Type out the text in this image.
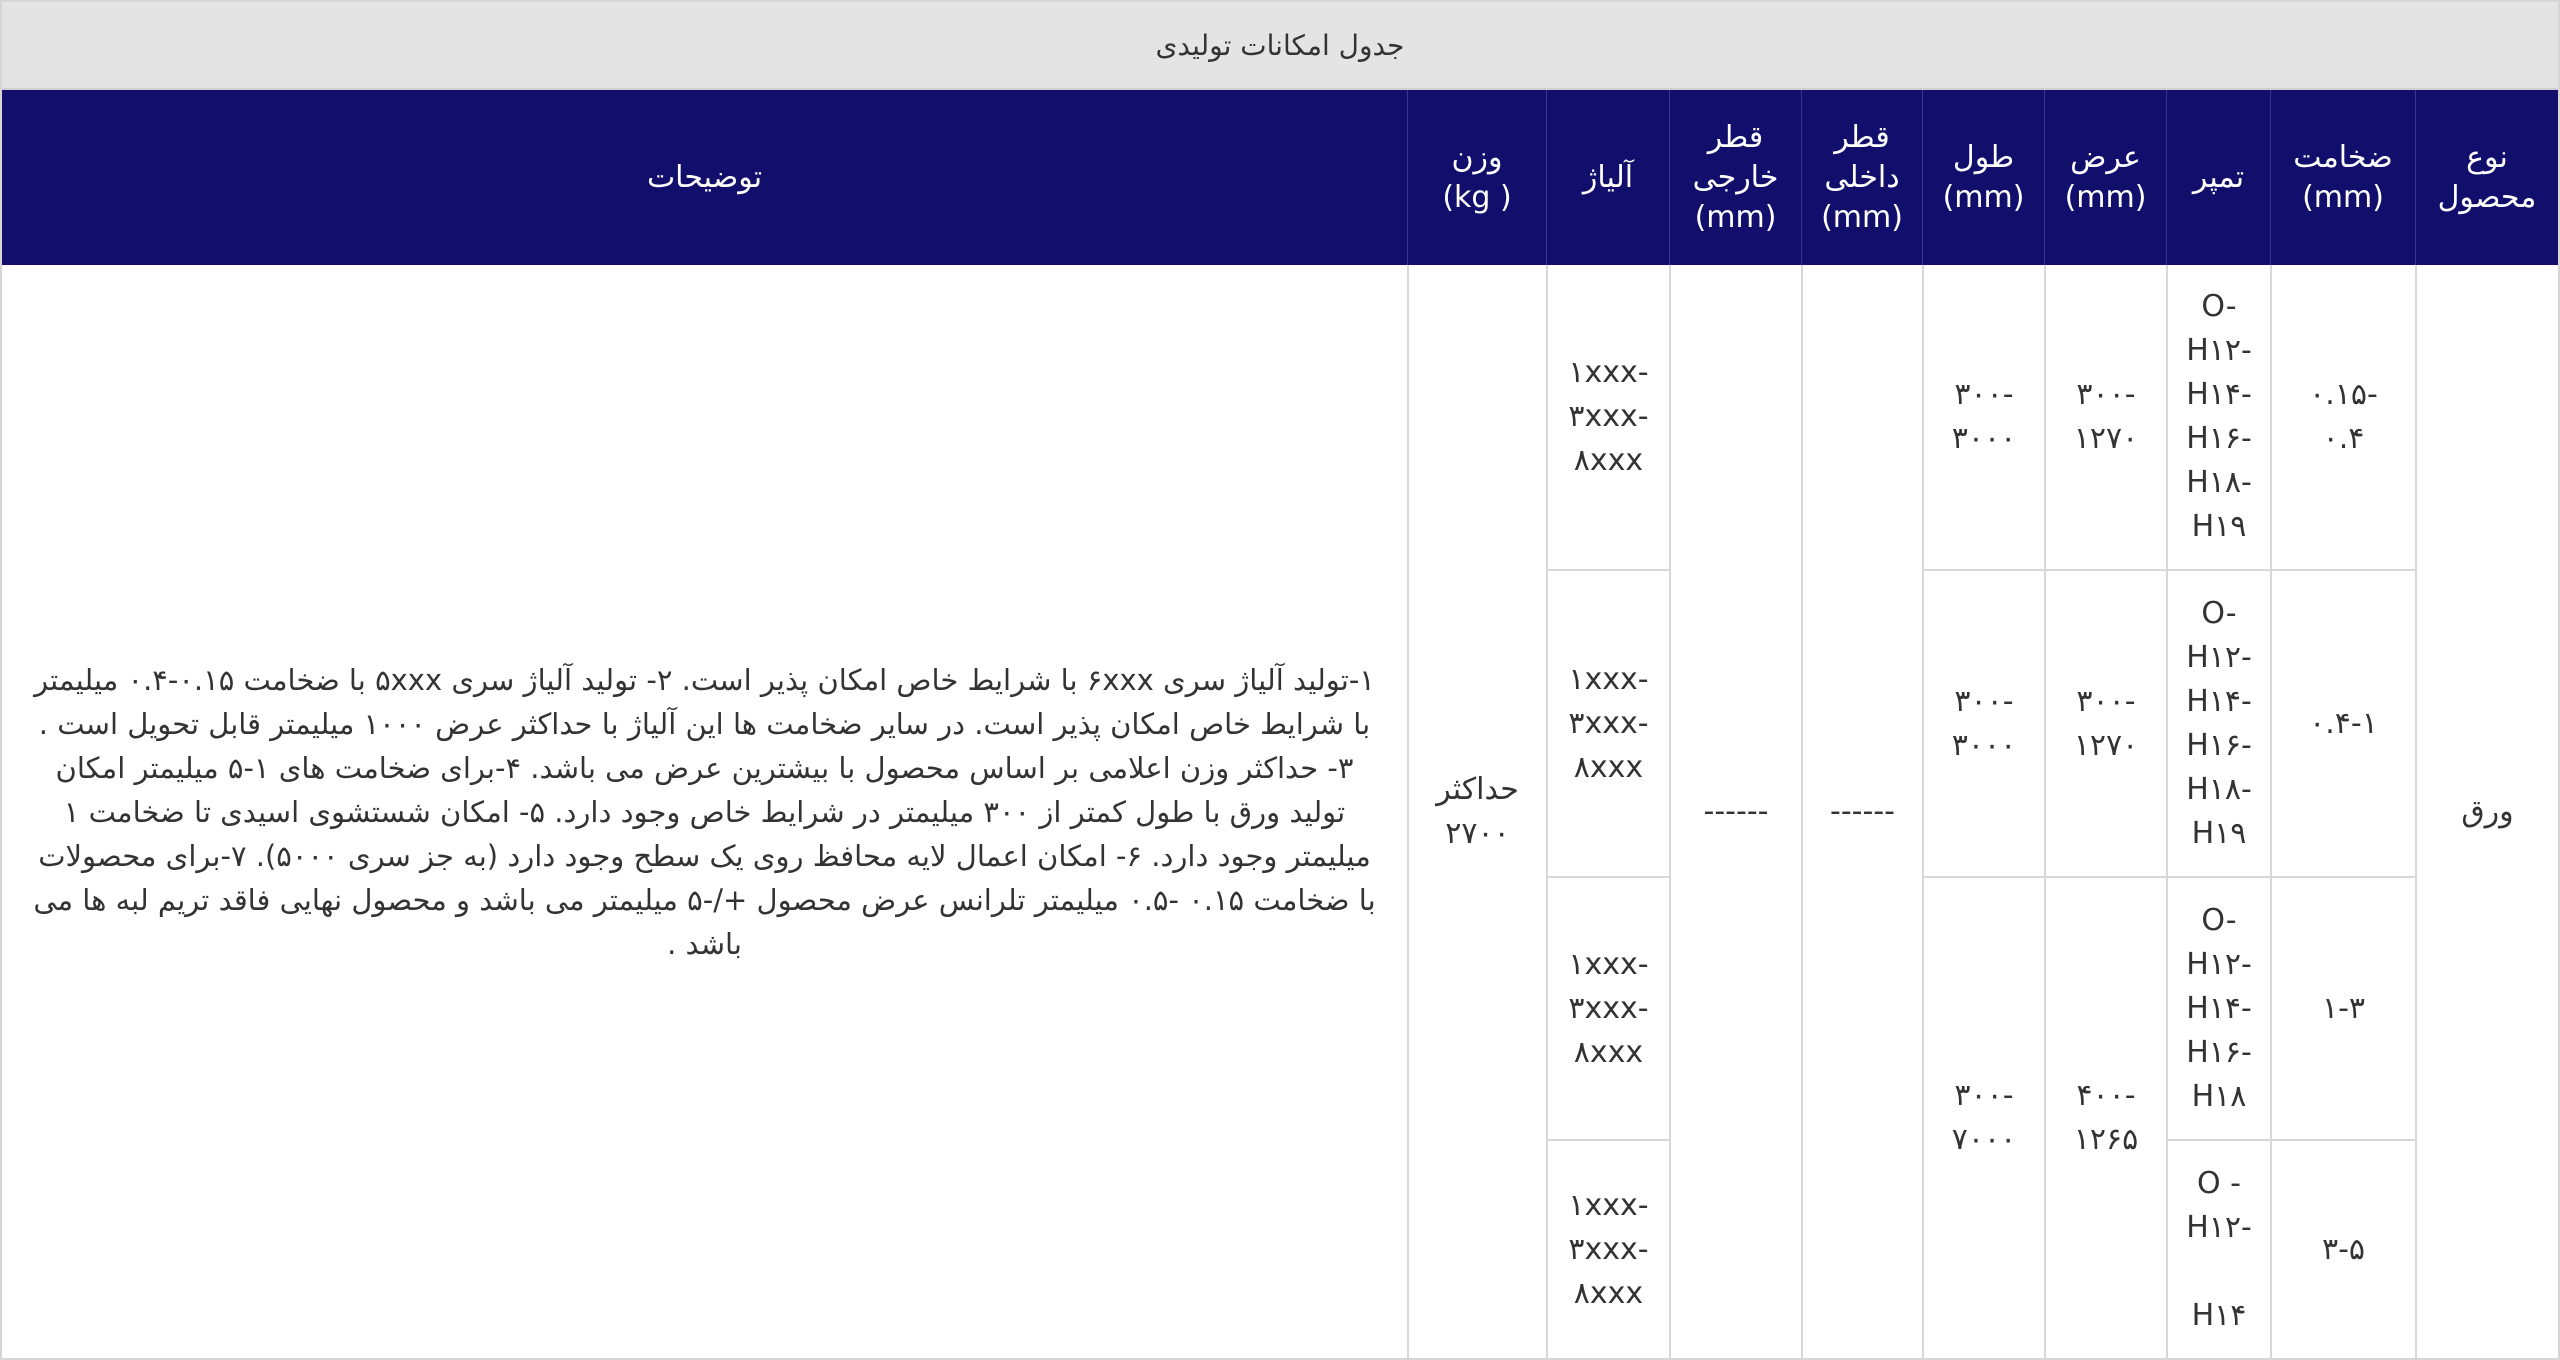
جدول امکانات تولیدی
توضیحات
وزن
( kg)
آلیاژ
قطر
خارجی
(mm)
قطر
داخلی
(mm)
طول
(mm)
عرض
(mm)
تمپر
ضخامت
(mm)
نوع
محصول
۱-تولید آلیاژ سری ۶xxx با شرایط خاص امکان پذیر است. ۲- تولید آلیاژ سری ۵xxx با ضخامت ۰.۱۵-۰.۴ میلیمتر با شرایط خاص امکان پذیر است. در سایر ضخامت ها این آلیاژ با حداکثر عرض ۱۰۰۰ میلیمتر قابل تحویل است . ۳- حداکثر وزن اعلامی بر اساس محصول با بیشترین عرض می باشد. ۴-برای ضخامت های ۱-۵ میلیمتر امکان تولید ورق با طول کمتر از ۳۰۰ میلیمتر در شرایط خاص وجود دارد. ۵- امکان شستشوی اسیدی تا ضخامت ۱ میلیمتر وجود دارد. ۶- امکان اعمال لایه محافظ روی یک سطح وجود دارد (به جز سری ۵۰۰۰). ۷-برای محصولات با ضخامت ۰.۱۵ -۰.۵ میلیمتر تلرانس عرض محصول +/-۵ میلیمتر می باشد و محصول نهایی فاقد تریم لبه ها می باشد .
حداکثر
۲۷۰۰
------	------	ورق
۱xxx-
۳xxx-
۸xxx
۳۰۰-
۳۰۰۰
۳۰۰-
۱۲۷۰
O-
H۱۲-
H۱۴-
H۱۶-
H۱۸-
H۱۹
۰.۱۵-
۰.۴
۱xxx-
۳xxx-
۸xxx
۳۰۰-
۳۰۰۰
۳۰۰-
۱۲۷۰
O-
H۱۲-
H۱۴-
H۱۶-
H۱۸-
H۱۹
۰.۴-۱
۳۰۰-
۷۰۰۰
۴۰۰-
۱۲۶۵
۱xxx-
۳xxx-
۸xxx
O-
H۱۲-
H۱۴-
H۱۶-
H۱۸
۱-۳
۱xxx-
۳xxx-
۸xxx
O -
H۱۲-

H۱۴
۳-۵
